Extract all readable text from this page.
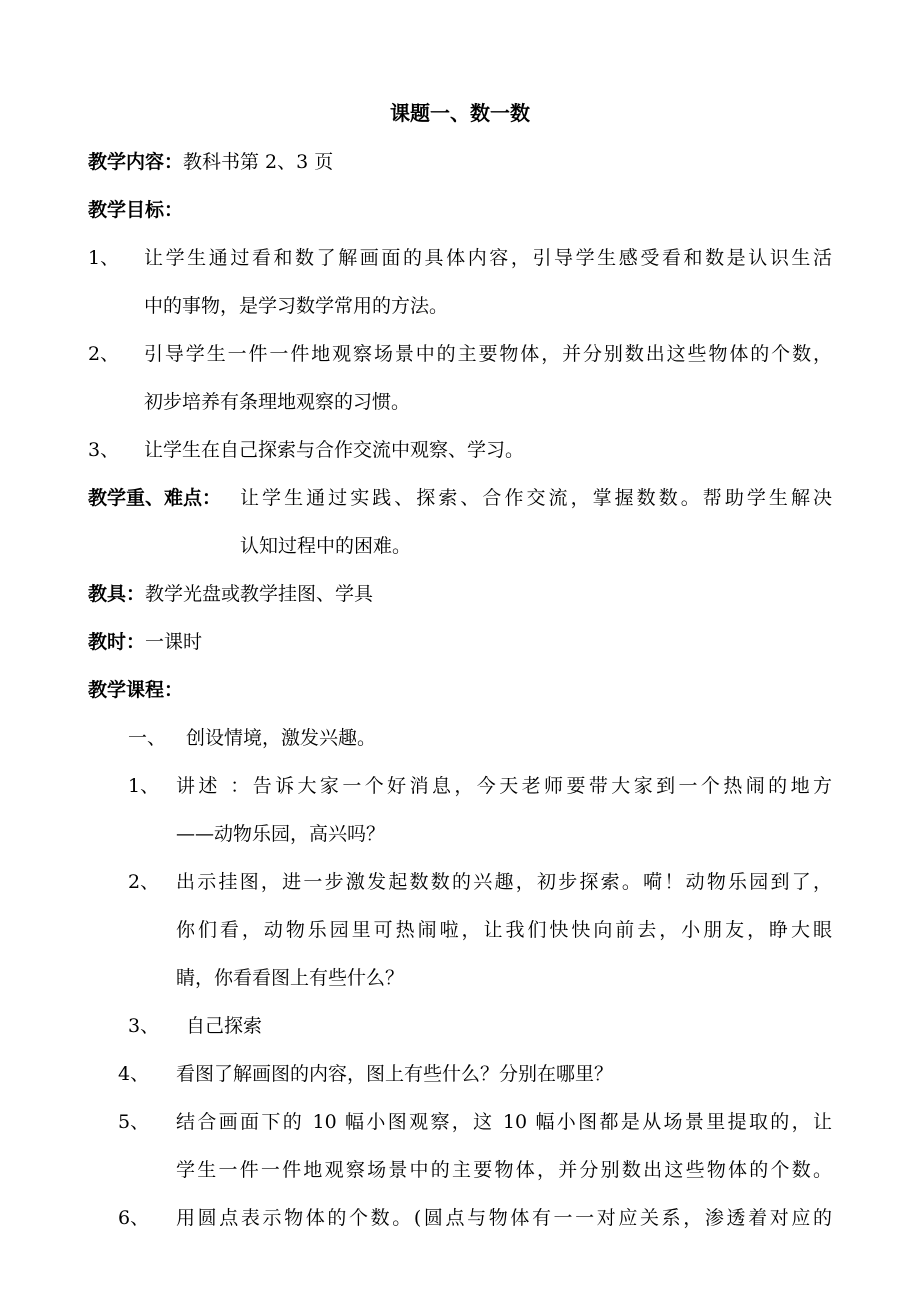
课题一、数一数
教学内容：教科书第 2、3 页
教学目标：
1、 让学生通过看和数了解画面的具体内容，引导学生感受看和数是认识生活
中的事物，是学习数学常用的方法。
2、 引导学生一件一件地观察场景中的主要物体，并分别数出这些物体的个数，
初步培养有条理地观察的习惯。
3、 让学生在自己探索与合作交流中观察、学习。
教学重、难点： 让学生通过实践、探索、合作交流，掌握数数。帮助学生解决
认知过程中的困难。
教具：教学光盘或教学挂图、学具
教时：一课时
教学课程：
一、 创设情境，激发兴趣。
1、 讲述 ：告诉大家一个好消息，今天老师要带大家到一个热闹的地方
——动物乐园，高兴吗？
2、 出示挂图，进一步激发起数数的兴趣，初步探索。嗬！动物乐园到了，
你们看，动物乐园里可热闹啦，让我们快快向前去，小朋友，睁大眼
睛，你看看图上有些什么？
3、 自己探索
4、 看图了解画图的内容，图上有些什么？分别在哪里？
5、 结合画面下的 10 幅小图观察，这 10 幅小图都是从场景里提取的，让
学生一件一件地观察场景中的主要物体，并分别数出这些物体的个数。
6、 用圆点表示物体的个数。(圆点与物体有一一对应关系，渗透着对应的
